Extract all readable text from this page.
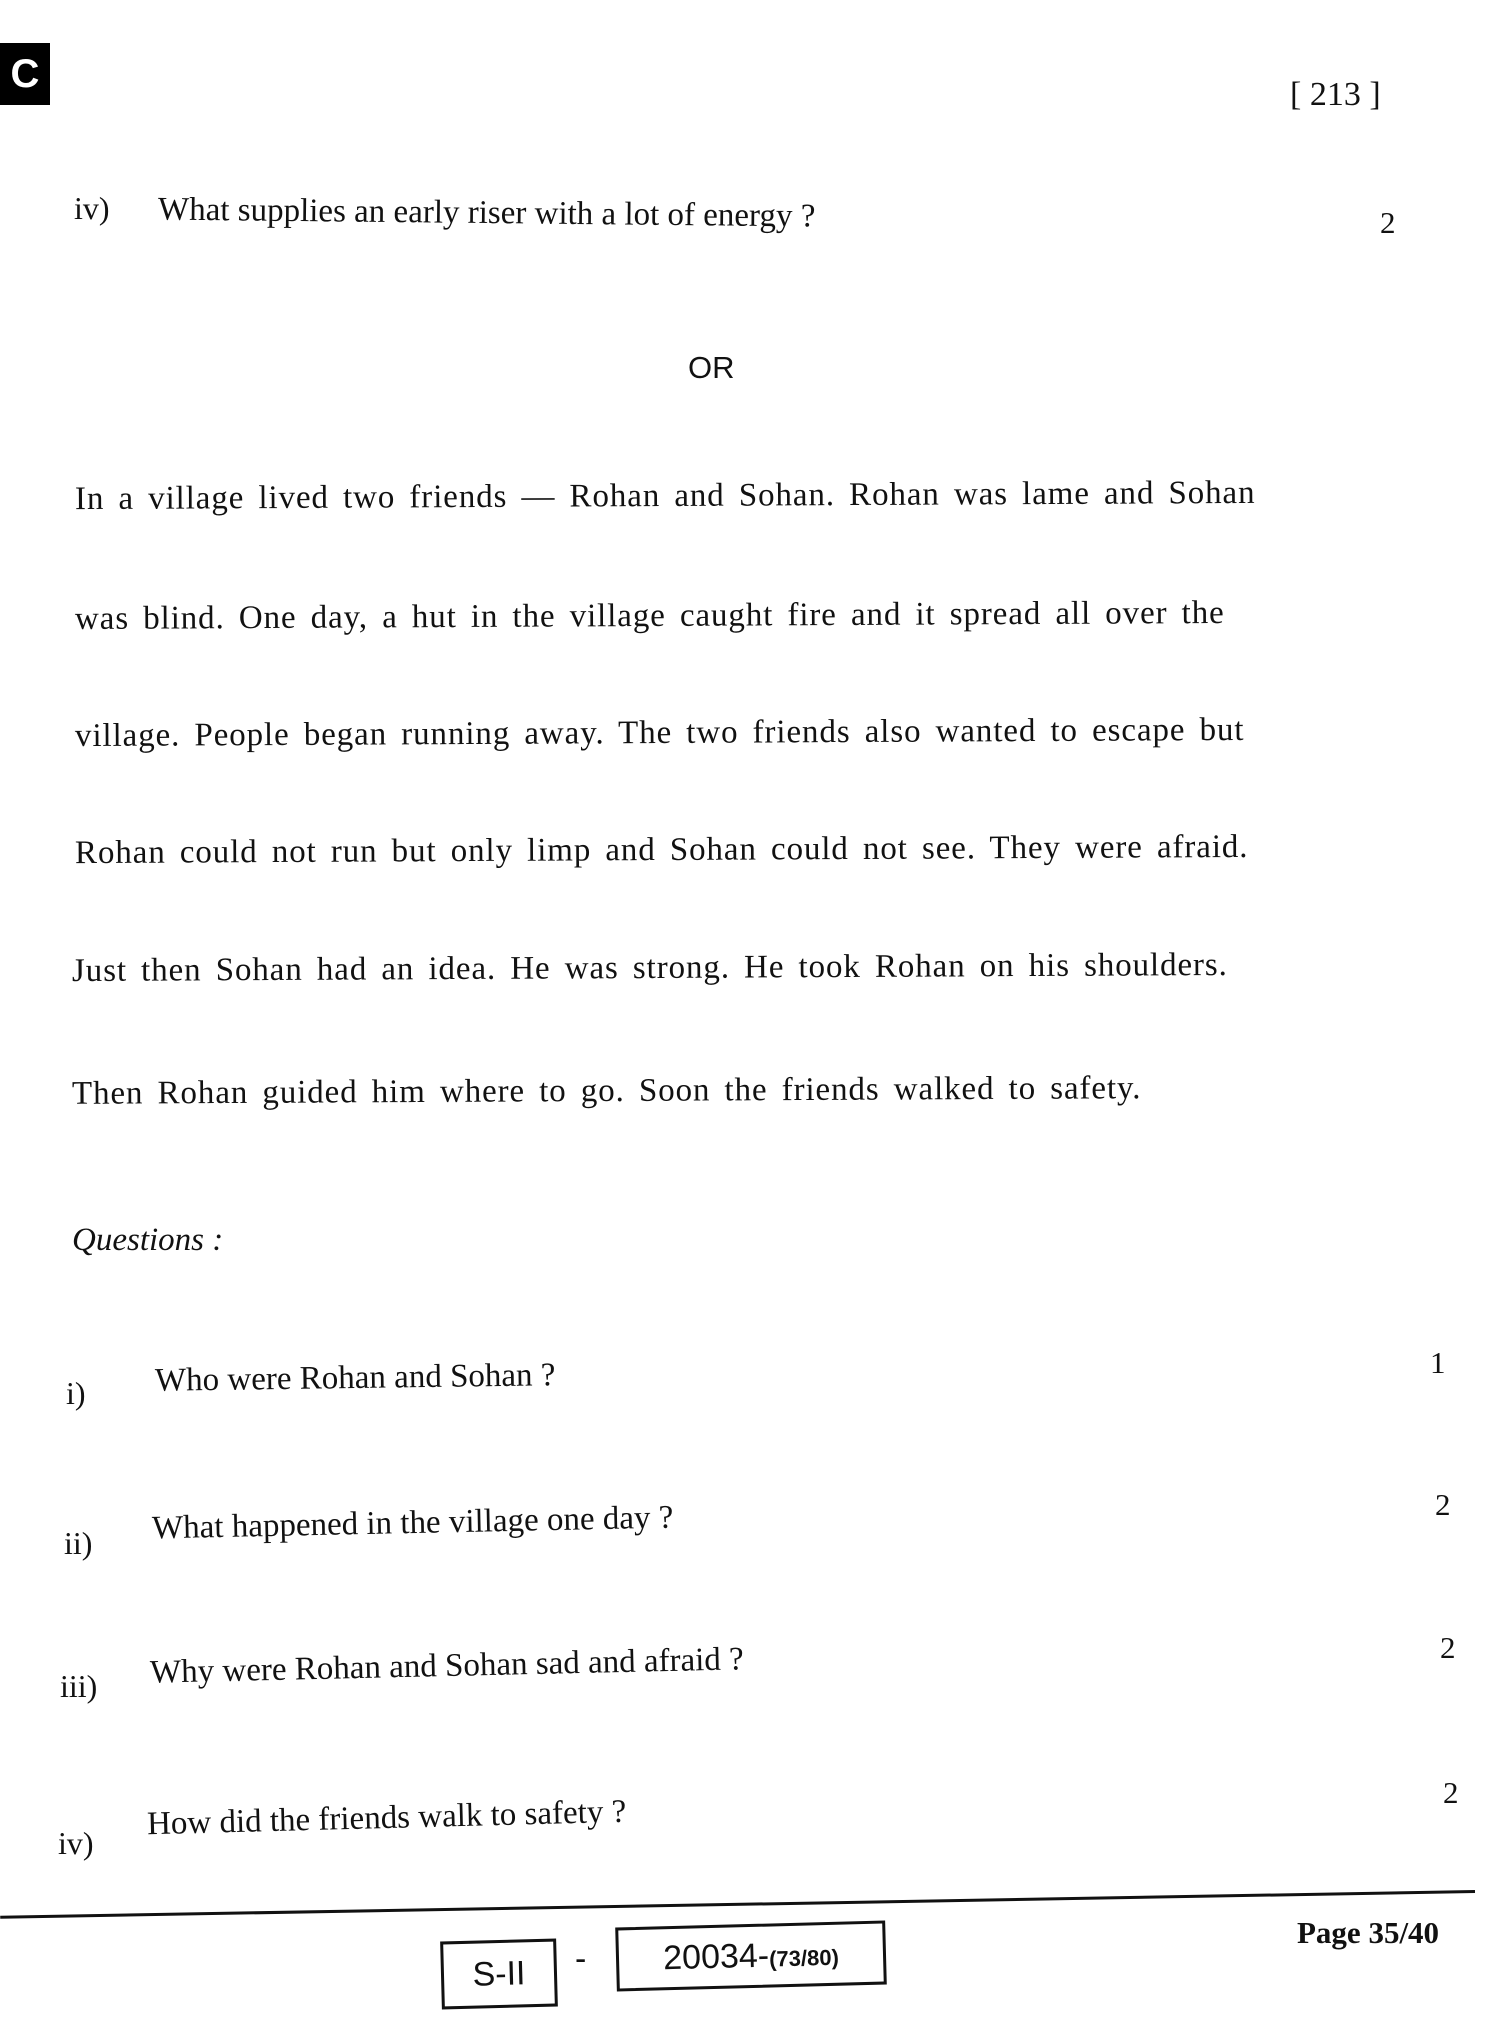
C	[ 213 ]
iv) What supplies an early riser with a lot of energy ?	2
OR
In a village lived two friends — Rohan and Sohan. Rohan was lame and Sohan
was blind. One day, a hut in the village caught fire and it spread all over the
village. People began running away. The two friends also wanted to escape but
Rohan could not run but only limp and Sohan could not see. They were afraid.
Just then Sohan had an idea. He was strong. He took Rohan on his shoulders.
Then Rohan guided him where to go. Soon the friends walked to safety.
Questions :
i) Who were Rohan and Sohan ?	1
ii) What happened in the village one day ?	2
iii) Why were Rohan and Sohan sad and afraid ?	2
iv)
How did the friends walk to safety ?
2
S-II	-	20034-(73/80)
Page 35/40
